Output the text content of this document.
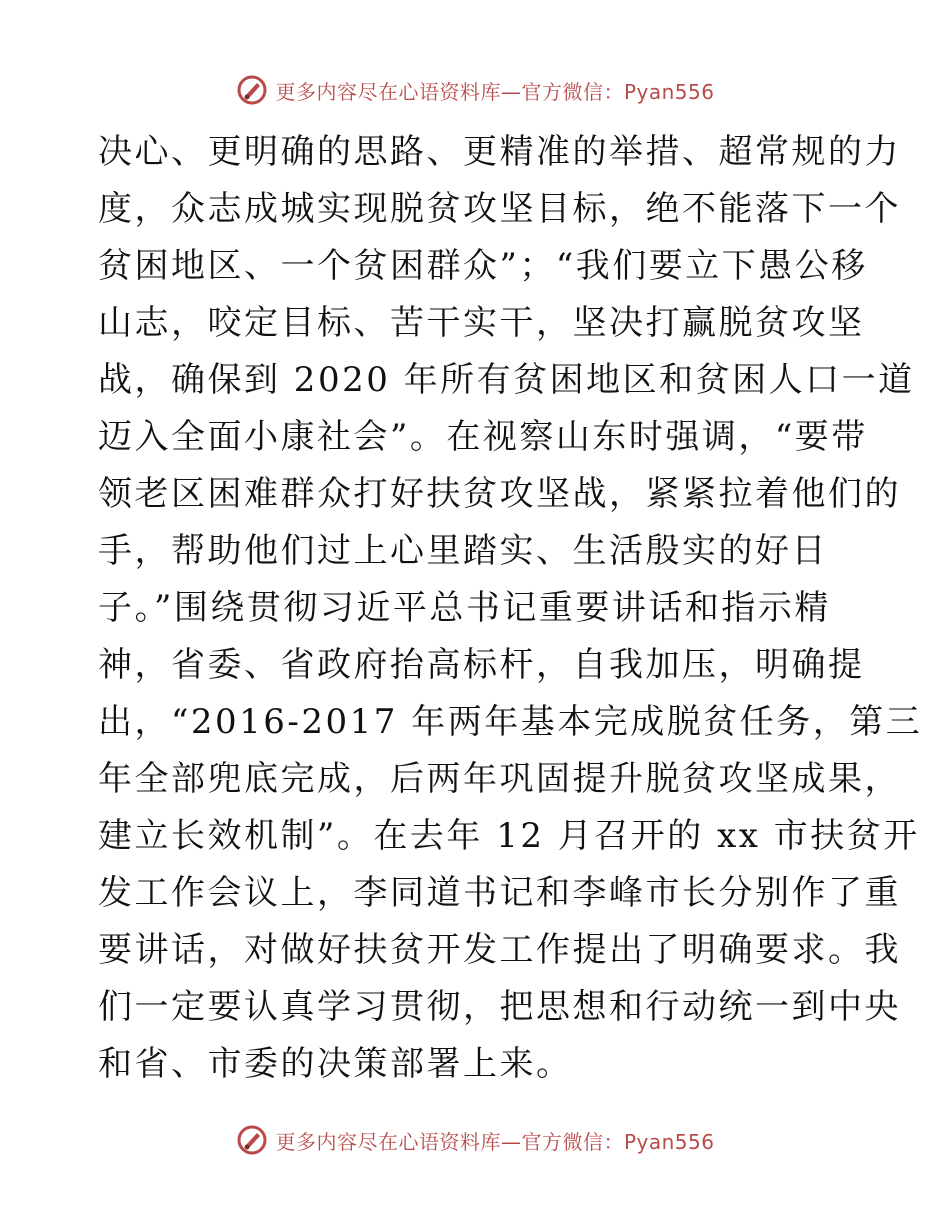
更多内容尽在心语资料库—官方微信：Pyan556
决心、更明确的思路、更精准的举措、超常规的力
度，众志成城实现脱贫攻坚目标，绝不能落下一个
贫困地区、一个贫困群众”；“我们要立下愚公移
山志，咬定目标、苦干实干，坚决打赢脱贫攻坚
战，确保到 2020 年所有贫困地区和贫困人口一道
迈入全面小康社会”。在视察山东时强调，“要带
领老区困难群众打好扶贫攻坚战，紧紧拉着他们的
手，帮助他们过上心里踏实、生活殷实的好日
子。”围绕贯彻习近平总书记重要讲话和指示精
神，省委、省政府抬高标杆，自我加压，明确提
出，“2016-2017 年两年基本完成脱贫任务，第三
年全部兜底完成，后两年巩固提升脱贫攻坚成果，
建立长效机制”。在去年 12 月召开的 xx 市扶贫开
发工作会议上，李同道书记和李峰市长分别作了重
要讲话，对做好扶贫开发工作提出了明确要求。我
们一定要认真学习贯彻，把思想和行动统一到中央
和省、市委的决策部署上来。
更多内容尽在心语资料库—官方微信：Pyan556
